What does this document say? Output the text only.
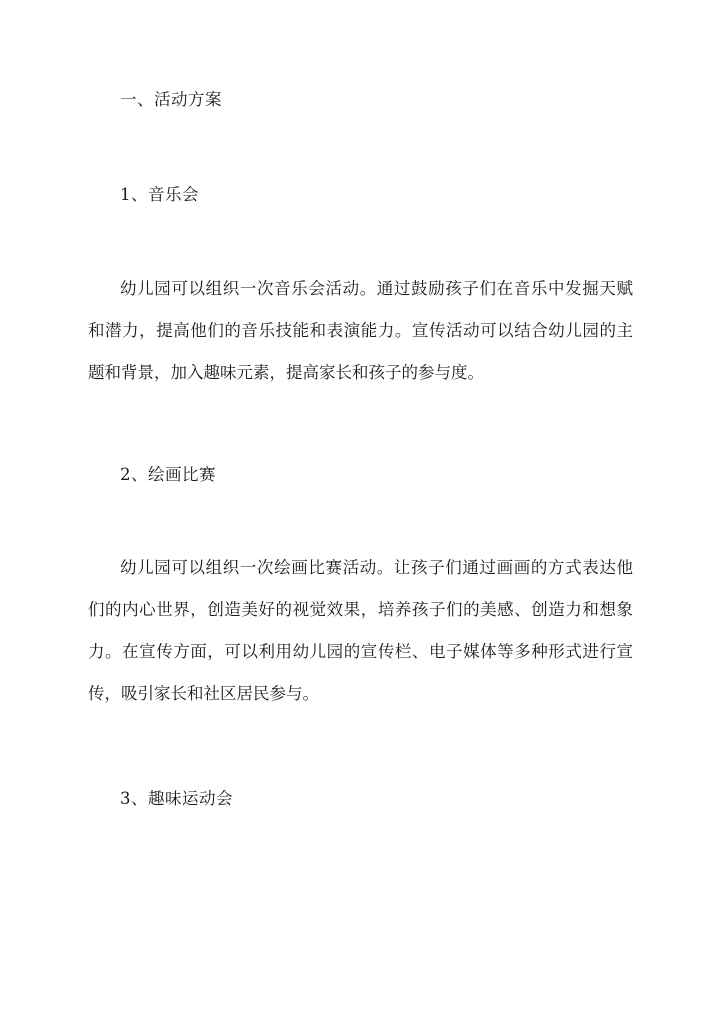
一、活动方案
1、音乐会
幼儿园可以组织一次音乐会活动。通过鼓励孩子们在音乐中发掘天赋
和潜力，提高他们的音乐技能和表演能力。宣传活动可以结合幼儿园的主
题和背景，加入趣味元素，提高家长和孩子的参与度。
2、绘画比赛
幼儿园可以组织一次绘画比赛活动。让孩子们通过画画的方式表达他
们的内心世界，创造美好的视觉效果，培养孩子们的美感、创造力和想象
力。在宣传方面，可以利用幼儿园的宣传栏、电子媒体等多种形式进行宣
传，吸引家长和社区居民参与。
3、趣味运动会
